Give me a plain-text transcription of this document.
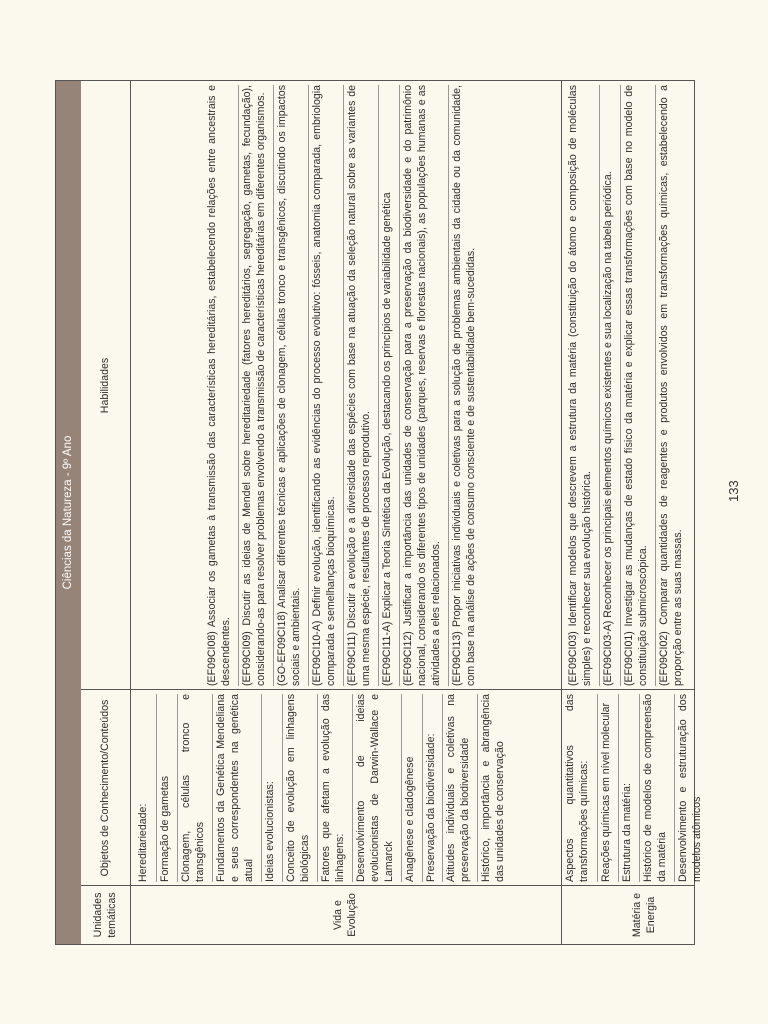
Ciências da Natureza - 9º Ano
Unidades temáticas
Objetos de Conhecimento/Conteúdos
Habilidades
Vida e Evolução

Hereditariedade: Formação de gametas Clonagem, células tronco e transgênicos Fundamentos da Genética Mendeliana e seus correspondentes na genética atual Ideias evolucionistas: Conceito de evolução em linhagens biológicas Fatores que afetam a evolução das linhagens: Desenvolvimento de ideias evolucionistas de Darwin-Wallace e Lamarck Anagênese e cladogênese Preservação da biodiversidade: Atitudes individuais e coletivas na preservação da biodiversidade Histórico, importância e abrangência das unidades de conservação

(EF09CI08) Associar os gametas à transmissão das características hereditárias, estabelecendo relações entre ancestrais e descendentes. (EF09CI09) Discutir as ideias de Mendel sobre hereditariedade (fatores hereditários, segregação, gametas, fecundação), considerando-as para resolver problemas envolvendo a transmissão de características hereditárias em diferentes organismos. (GO-EF09CI18) Analisar diferentes técnicas e aplicações de clonagem, células tronco e transgênicos, discutindo os impactos sociais e ambientais. (EF09CI10-A) Definir evolução, identificando as evidências do processo evolutivo: fósseis, anatomia comparada, embriologia comparada e semelhanças bioquímicas. (EF09CI11) Discutir a evolução e a diversidade das espécies com base na atuação da seleção natural sobre as variantes de uma mesma espécie, resultantes de processo reprodutivo. (EF09CI11-A) Explicar a Teoria Sintética da Evolução, destacando os princípios de variabilidade genética (EF09CI12) Justificar a importância das unidades de conservação para a preservação da biodiversidade e do patrimônio nacional, considerando os diferentes tipos de unidades (parques, reservas e florestas nacionais), as populações humanas e as atividades a eles relacionados. (EF09CI13) Propor iniciativas individuais e coletivas para a solução de problemas ambientais da cidade ou da comunidade, com base na análise de ações de consumo consciente e de sustentabilidade bem-sucedidas.

Matéria e Energia

Aspectos quantitativos das transformações químicas: Reações químicas em nível molecular Estrutura da matéria: Histórico de modelos de compreensão da matéria Desenvolvimento e estruturação dos modelos atômicos

(EF09CI03) Identificar modelos que descrevem a estrutura da matéria (constituição do átomo e composição de moléculas simples) e reconhecer sua evolução histórica. (EF09CI03-A) Reconhecer os principais elementos químicos existentes e sua localização na tabela periódica. (EF09CI01) Investigar as mudanças de estado físico da matéria e explicar essas transformações com base no modelo de constituição submicroscópica. (EF09CI02) Comparar quantidades de reagentes e produtos envolvidos em transformações químicas, estabelecendo a proporção entre as suas massas.

133
